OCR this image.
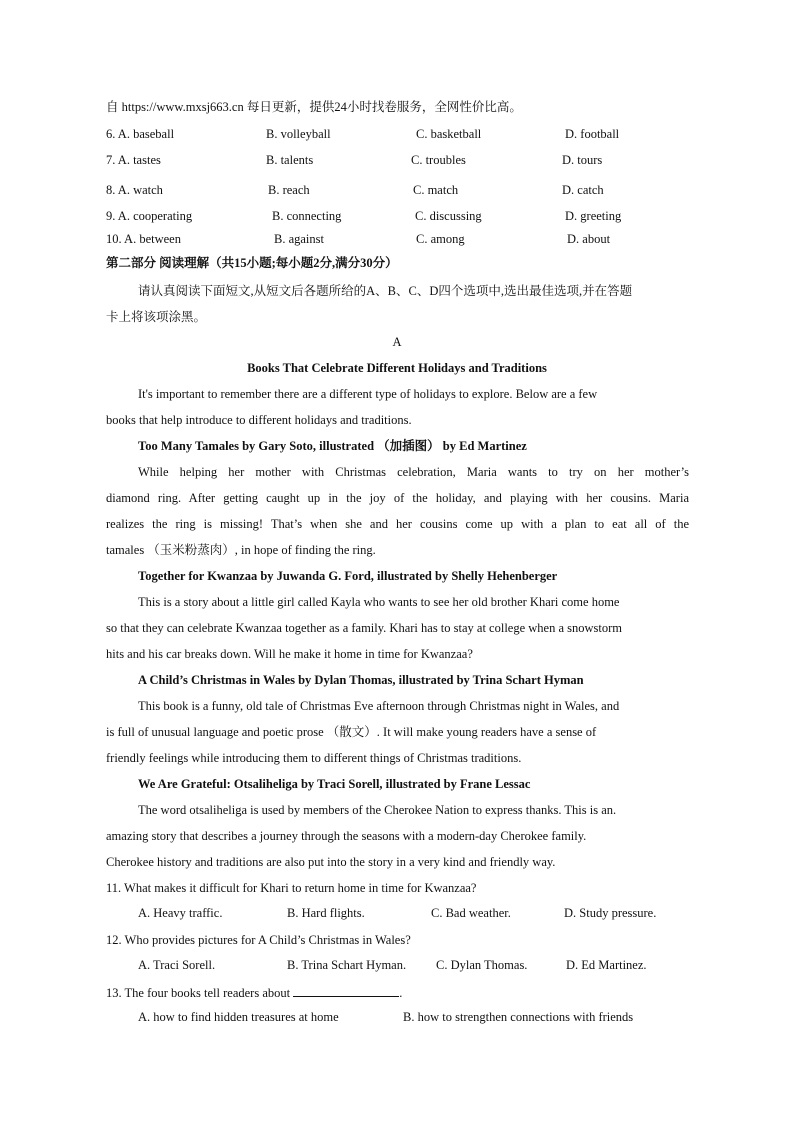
自 https://www.mxsj663.cn 每日更新，提供24小时找卷服务，全网性价比高。
6. A. baseball	B. volleyball	C. basketball	D. football
7. A. tastes	B. talents	C. troubles	D. tours
8. A. watch	B. reach	C. match	D. catch
9. A. cooperating	B. connecting	C. discussing	D. greeting
10. A. between	B. against	C. among	D. about
第二部分 阅读理解（共15小题;每小题2分,满分30分）
请认真阅读下面短文,从短文后各题所给的A、B、C、D四个选项中,选出最佳选项,并在答题
卡上将该项涂黑。
A
Books That Celebrate Different Holidays and Traditions
It's important to remember there are a different type of holidays to explore. Below are a few
books that help introduce to different holidays and traditions.
Too Many Tamales by Gary Soto, illustrated （加插图） by Ed Martinez
While helping her mother with Christmas celebration, Maria wants to try on her mother’s
diamond ring. After getting caught up in the joy of the holiday, and playing with her cousins. Maria
realizes the ring is missing! That’s when she and her cousins come up with a plan to eat all of the
tamales （玉米粉蒸肉）, in hope of finding the ring.
Together for Kwanzaa by Juwanda G. Ford, illustrated by Shelly Hehenberger
This is a story about a little girl called Kayla who wants to see her old brother Khari come home
so that they can celebrate Kwanzaa together as a family. Khari has to stay at college when a snowstorm
hits and his car breaks down. Will he make it home in time for Kwanzaa?
A Child’s Christmas in Wales by Dylan Thomas, illustrated by Trina Schart Hyman
This book is a funny, old tale of Christmas Eve afternoon through Christmas night in Wales, and
is full of unusual language and poetic prose （散文）. It will make young readers have a sense of
friendly feelings while introducing them to different things of Christmas traditions.
We Are Grateful: Otsaliheliga by Traci Sorell, illustrated by Frane Lessac
The word otsaliheliga is used by members of the Cherokee Nation to express thanks. This is an.
amazing story that describes a journey through the seasons with a modern-day Cherokee family.
Cherokee history and traditions are also put into the story in a very kind and friendly way.
11. What makes it difficult for Khari to return home in time for Kwanzaa?
A. Heavy traffic.	B. Hard flights.	C. Bad weather.	D. Study pressure.
12. Who provides pictures for A Child’s Christmas in Wales?
A. Traci Sorell.	B. Trina Schart Hyman. C. Dylan Thomas.	D. Ed Martinez.
13. The four books tell readers about	.
A. how to find hidden treasures at home	B. how to strengthen connections with friends
